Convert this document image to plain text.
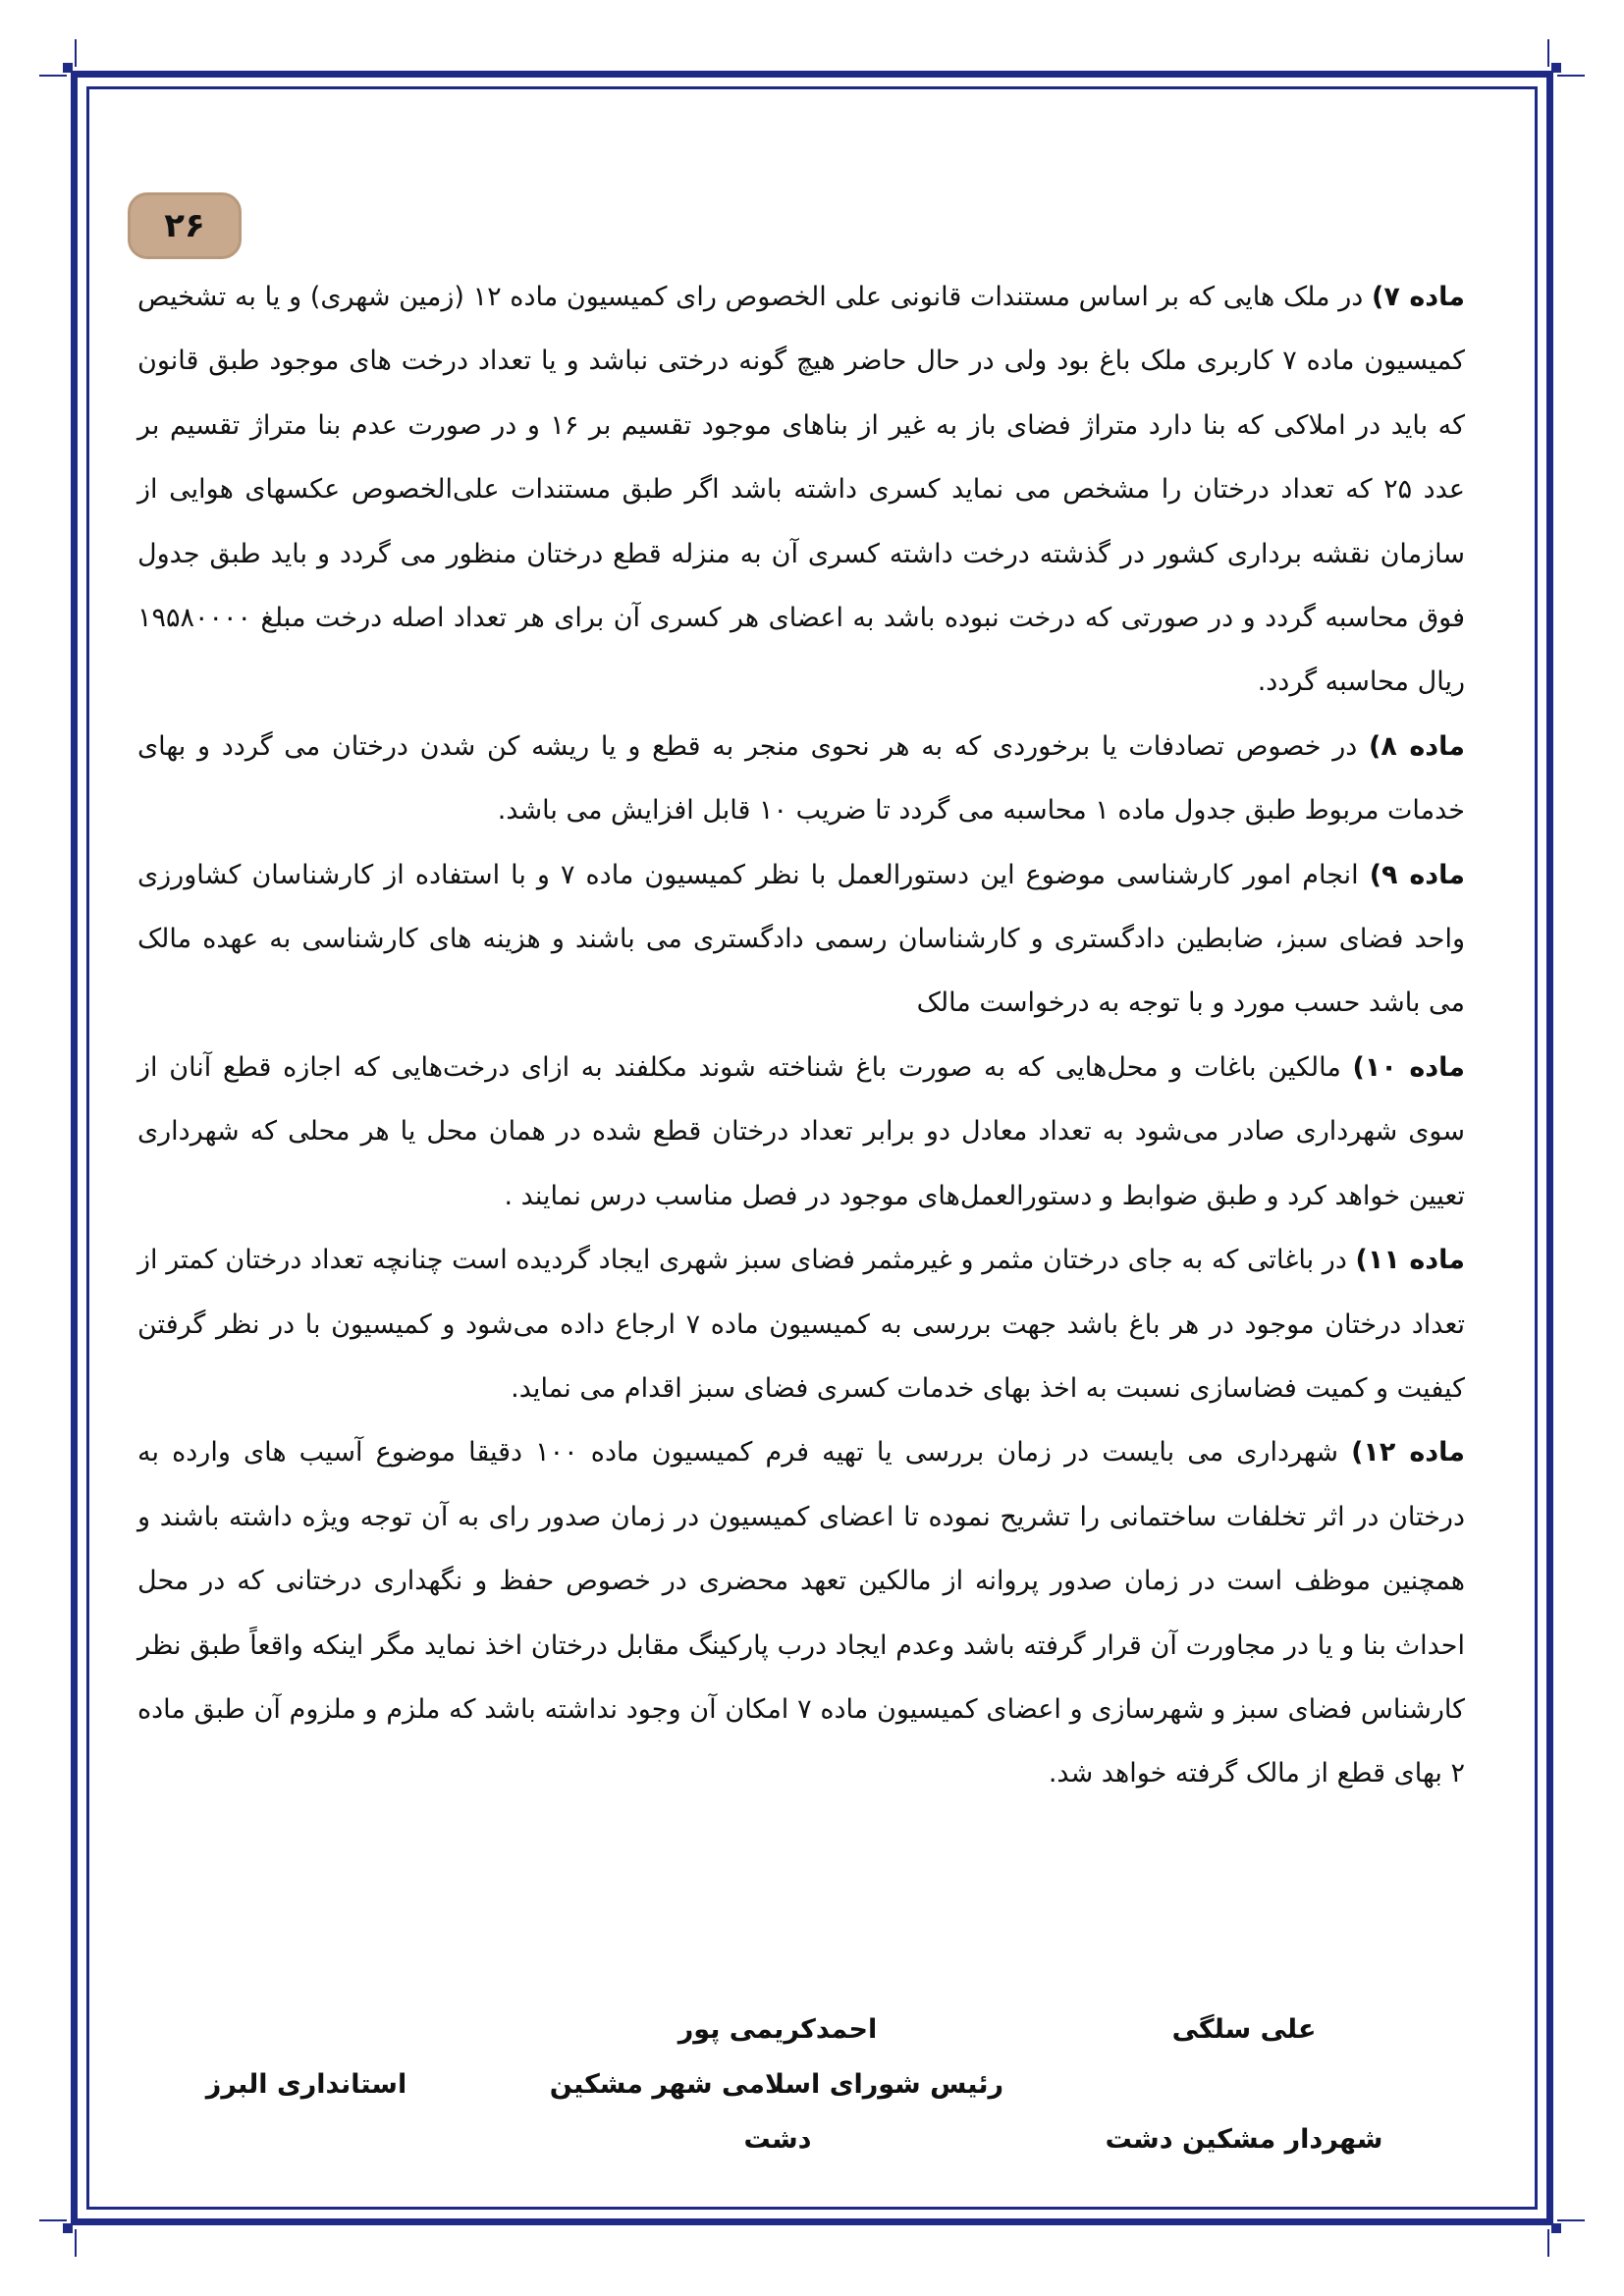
۲۶

ماده ۷) در ملک هایی که بر اساس مستندات قانونی علی الخصوص رای کمیسیون ماده ۱۲ (زمین شهری) و یا به تشخیص کمیسیون ماده ۷ کاربری ملک باغ بود ولی در حال حاضر هیچ گونه درختی نباشد و یا تعداد درخت های موجود طبق قانون که باید در املاکی که بنا دارد متراژ فضای باز به غیر از بناهای موجود تقسیم بر ۱۶ و در صورت عدم بنا متراژ تقسیم بر عدد ۲۵ که تعداد درختان را مشخص می نماید کسری داشته باشد اگر طبق مستندات علی‌الخصوص عکسهای هوایی از سازمان نقشه برداری کشور در گذشته درخت داشته کسری آن به منزله قطع درختان منظور می گردد و باید طبق جدول فوق محاسبه گردد و در صورتی که درخت نبوده باشد به اعضای هر کسری آن برای هر تعداد اصله درخت مبلغ ۱۹۵۸۰۰۰۰ ریال محاسبه گردد.

ماده ۸) در خصوص تصادفات یا برخوردی که به هر نحوی منجر به قطع و یا ریشه کن شدن درختان می گردد و بهای خدمات مربوط طبق جدول ماده ۱ محاسبه می گردد تا ضریب ۱۰ قابل افزایش می باشد.

ماده ۹) انجام امور کارشناسی موضوع این دستورالعمل با نظر کمیسیون ماده ۷ و با استفاده از کارشناسان کشاورزی واحد فضای سبز، ضابطین دادگستری و کارشناسان رسمی دادگستری می باشند و هزینه های کارشناسی به عهده مالک می باشد حسب مورد و با توجه به درخواست مالک

ماده ۱۰) مالکین باغات و محل‌هایی که به صورت باغ شناخته شوند مکلفند به ازای درخت‌هایی که اجازه قطع آنان از سوی شهرداری صادر می‌شود به تعداد معادل دو برابر تعداد درختان قطع شده در همان محل یا هر محلی که شهرداری تعیین خواهد کرد و طبق ضوابط و دستورالعمل‌های موجود در فصل مناسب درس نمایند .

ماده ۱۱) در باغاتی که به جای درختان مثمر و غیرمثمر فضای سبز شهری ایجاد گردیده است چنانچه تعداد درختان کمتر از تعداد درختان موجود در هر باغ باشد جهت بررسی به کمیسیون ماده ۷ ارجاع داده می‌شود و کمیسیون با در نظر گرفتن کیفیت و کمیت فضاسازی نسبت به اخذ بهای خدمات کسری فضای سبز اقدام می نماید.

ماده ۱۲) شهرداری می بایست در زمان بررسی یا تهیه فرم کمیسیون ماده ۱۰۰ دقیقا موضوع آسیب های وارده به درختان در اثر تخلفات ساختمانی را تشریح نموده تا اعضای کمیسیون در زمان صدور رای به آن توجه ویژه داشته باشند و همچنین موظف است در زمان صدور پروانه از مالکین تعهد محضری در خصوص حفظ و نگهداری درختانی که در محل احداث بنا و یا در مجاورت آن قرار گرفته باشد وعدم ایجاد درب پارکینگ مقابل درختان اخذ نماید مگر اینکه واقعاً طبق نظر کارشناس فضای سبز و شهرسازی و اعضای کمیسیون ماده ۷ امکان آن وجود نداشته باشد که ملزم و ملزوم آن طبق ماده ۲ بهای قطع از مالک گرفته خواهد شد.

علی سلگی
شهردار مشکین دشت
احمدکریمی پور
رئیس شورای اسلامی شهر مشکین
دشت
استانداری البرز
